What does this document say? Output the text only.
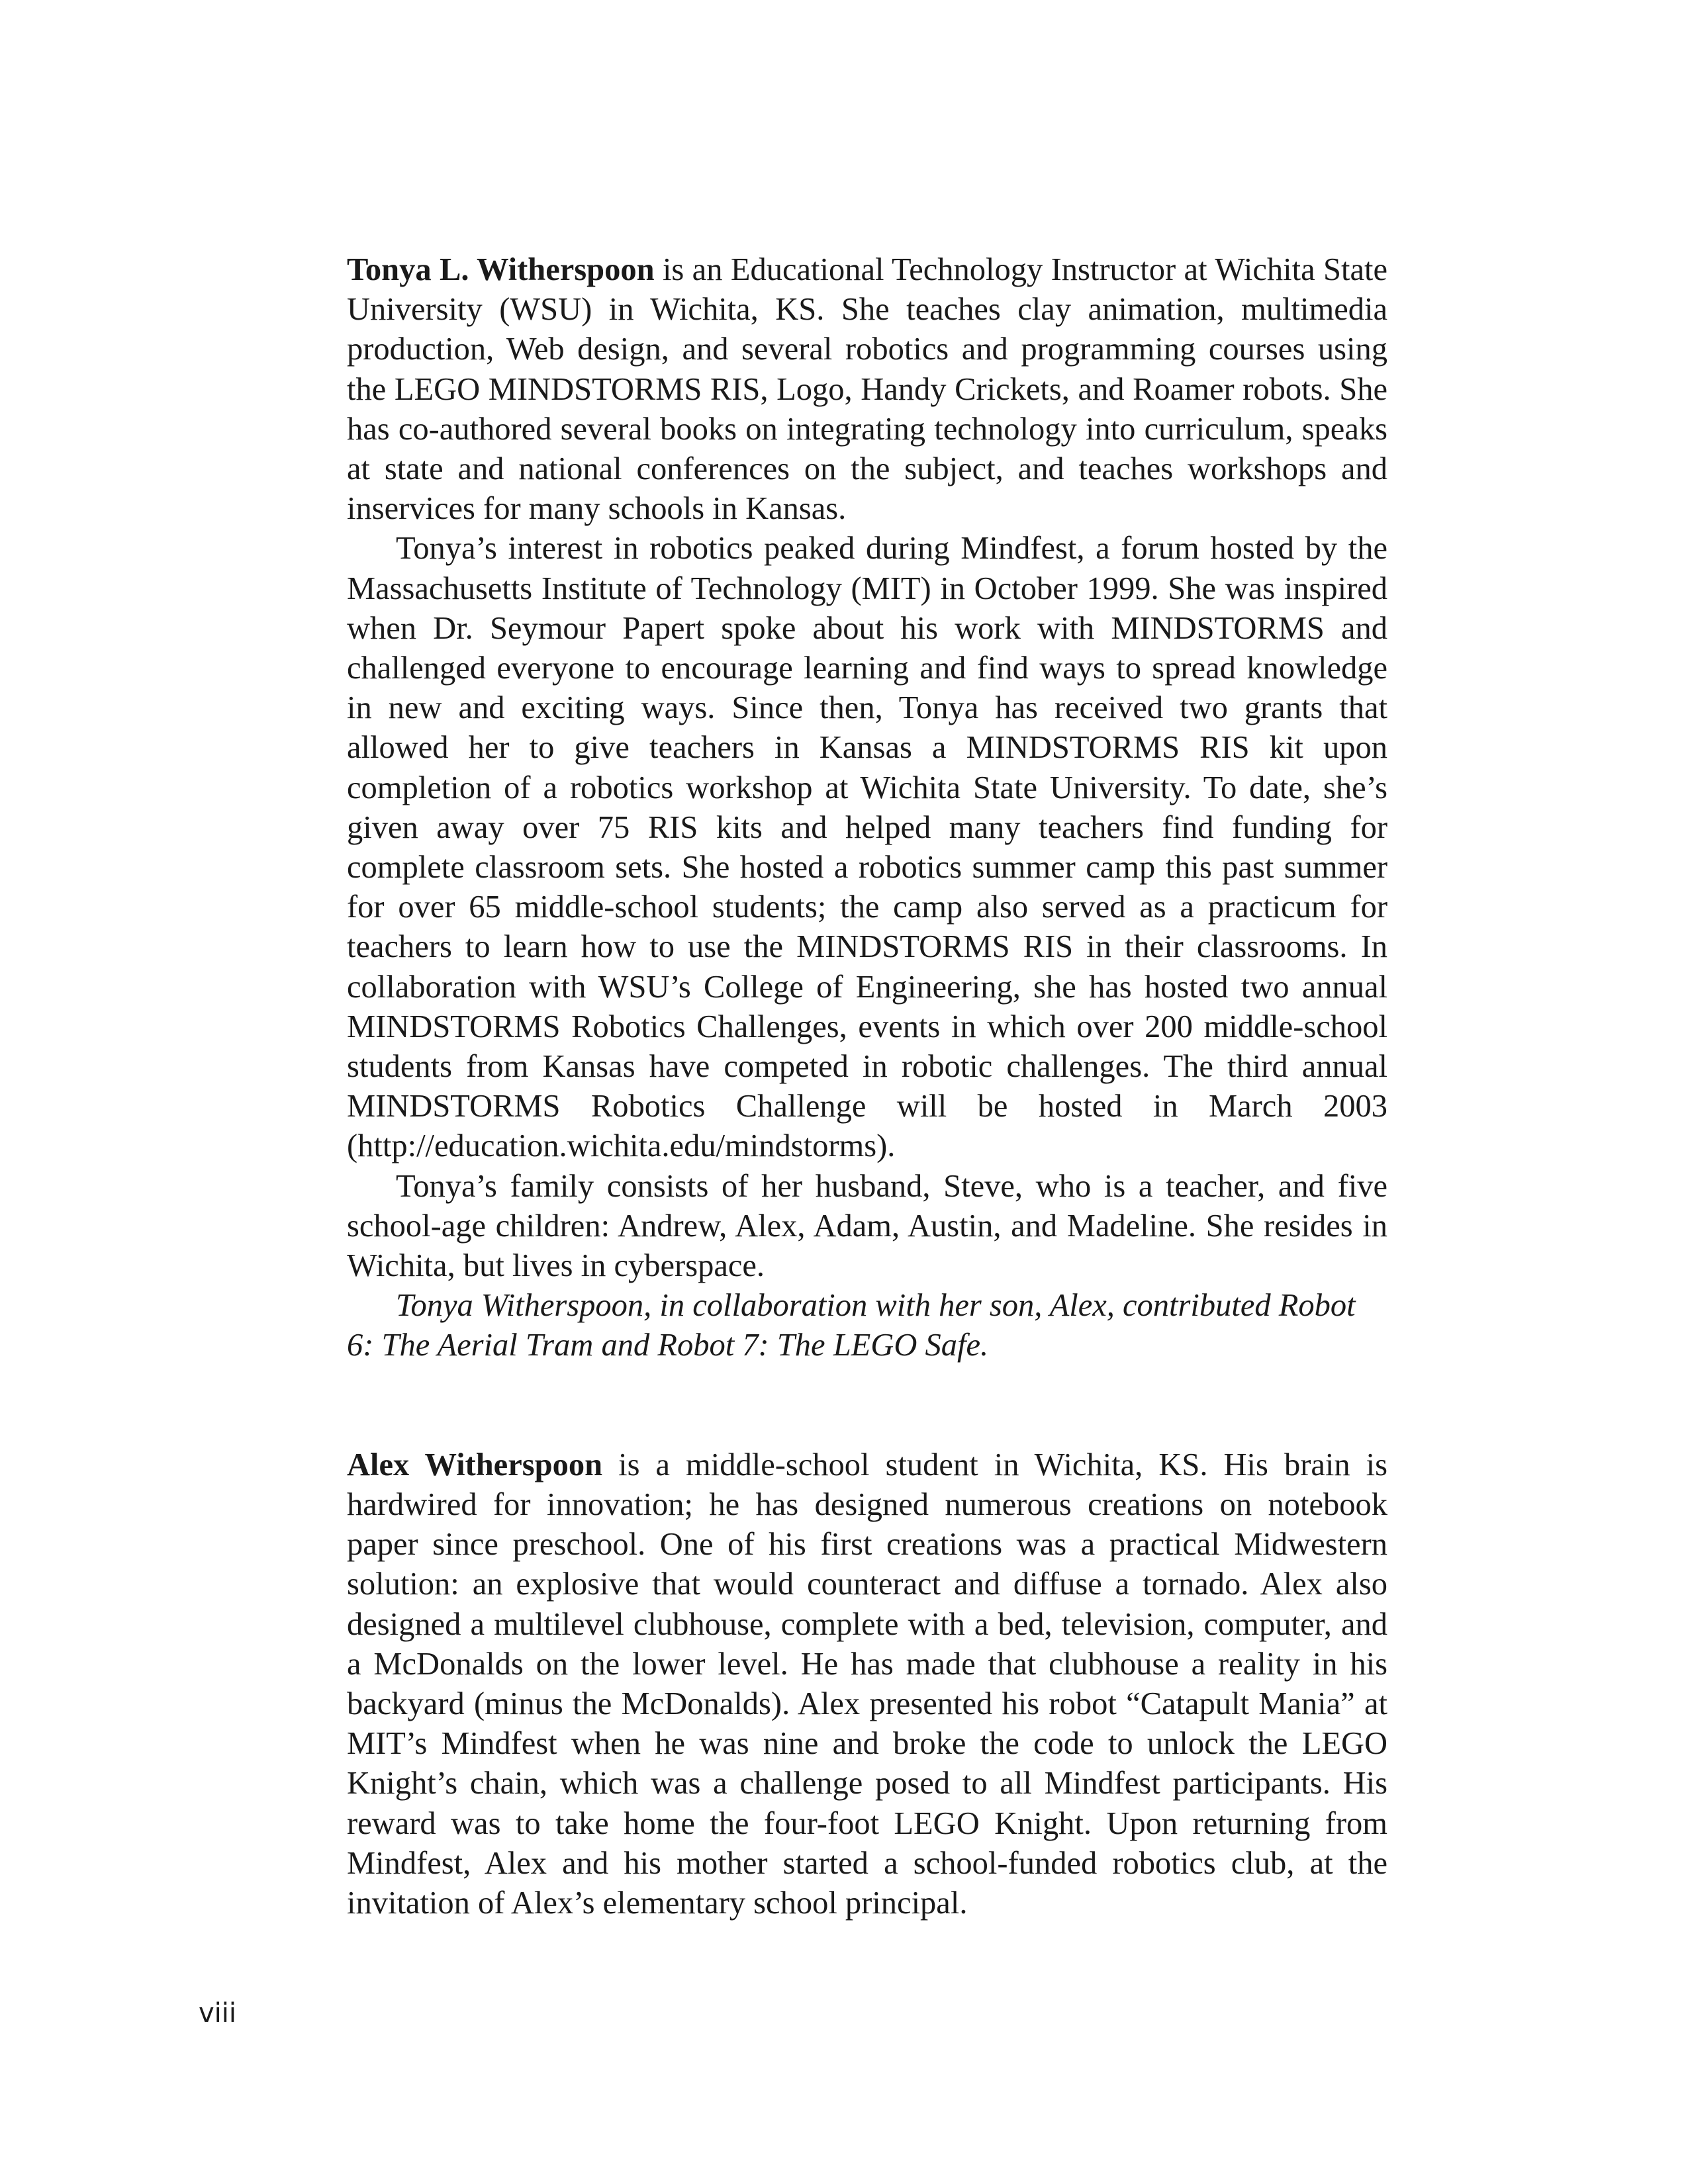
Tonya L. Witherspoon is an Educational Technology Instructor at Wichita State University (WSU) in Wichita, KS. She teaches clay animation, multimedia production, Web design, and several robotics and programming courses using the LEGO MINDSTORMS RIS, Logo, Handy Crickets, and Roamer robots. She has co-authored several books on integrating technology into curriculum, speaks at state and national conferences on the subject, and teaches workshops and inservices for many schools in Kansas.

Tonya’s interest in robotics peaked during Mindfest, a forum hosted by the Massachusetts Institute of Technology (MIT) in October 1999. She was inspired when Dr. Seymour Papert spoke about his work with MINDSTORMS and challenged everyone to encourage learning and find ways to spread knowledge in new and exciting ways. Since then, Tonya has received two grants that allowed her to give teachers in Kansas a MINDSTORMS RIS kit upon completion of a robotics workshop at Wichita State University. To date, she’s given away over 75 RIS kits and helped many teachers find funding for complete classroom sets. She hosted a robotics summer camp this past summer for over 65 middle-school students; the camp also served as a practicum for teachers to learn how to use the MINDSTORMS RIS in their classrooms. In collaboration with WSU’s College of Engineering, she has hosted two annual MINDSTORMS Robotics Challenges, events in which over 200 middle-school students from Kansas have competed in robotic challenges. The third annual MINDSTORMS Robotics Challenge will be hosted in March 2003 (http://education.wichita.edu/mindstorms).

Tonya’s family consists of her husband, Steve, who is a teacher, and five school-age children: Andrew, Alex, Adam, Austin, and Madeline. She resides in Wichita, but lives in cyberspace.

Tonya Witherspoon, in collaboration with her son, Alex, contributed Robot 6: The Aerial Tram and Robot 7: The LEGO Safe.

Alex Witherspoon is a middle-school student in Wichita, KS. His brain is hardwired for innovation; he has designed numerous creations on notebook paper since preschool. One of his first creations was a practical Midwestern solution: an explosive that would counteract and diffuse a tornado. Alex also designed a multilevel clubhouse, complete with a bed, television, computer, and a McDonalds on the lower level. He has made that clubhouse a reality in his backyard (minus the McDonalds). Alex presented his robot “Catapult Mania” at MIT’s Mindfest when he was nine and broke the code to unlock the LEGO Knight’s chain, which was a challenge posed to all Mindfest participants. His reward was to take home the four-foot LEGO Knight. Upon returning from Mindfest, Alex and his mother started a school-funded robotics club, at the invitation of Alex’s elementary school principal.

viii
